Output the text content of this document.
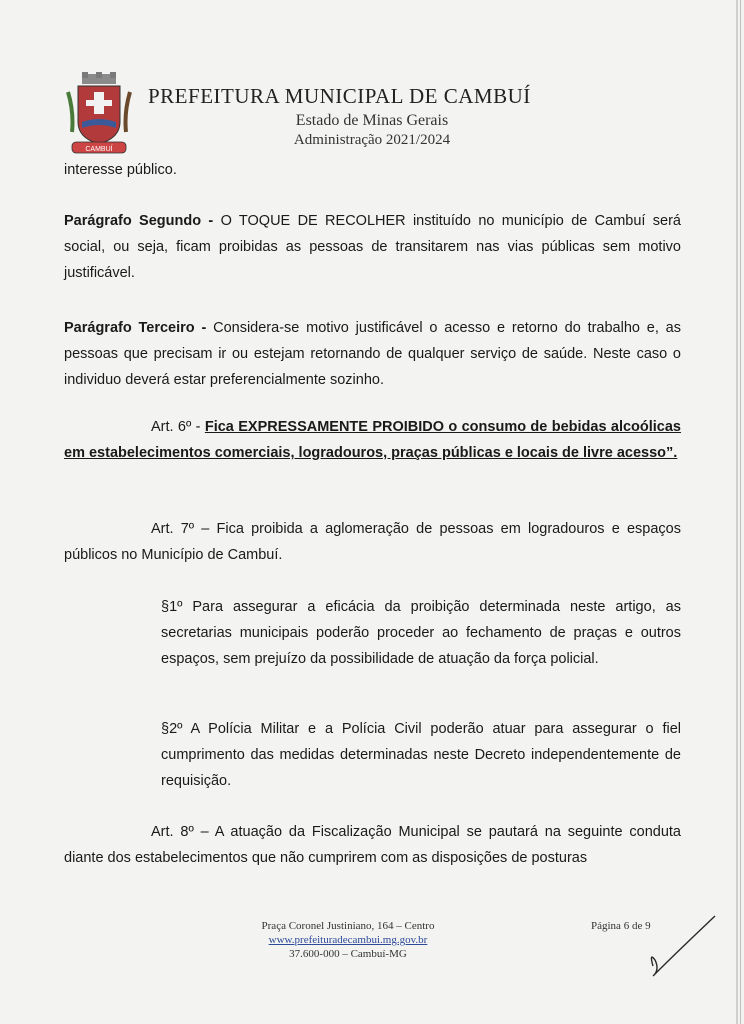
CAMBUÍ
PREFEITURA MUNICIPAL DE CAMBUÍ
Estado de Minas Gerais
Administração 2021/2024

interesse público.

Parágrafo Segundo - O TOQUE DE RECOLHER instituído no município de Cambuí será social, ou seja, ficam proibidas as pessoas de transitarem nas vias públicas sem motivo justificável.

Parágrafo Terceiro - Considera-se motivo justificável o acesso e retorno do trabalho e, as pessoas que precisam ir ou estejam retornando de qualquer serviço de saúde. Neste caso o individuo deverá estar preferencialmente sozinho.

Art. 6º - Fica EXPRESSAMENTE PROIBIDO o consumo de bebidas alcoólicas em estabelecimentos comerciais, logradouros, praças públicas e locais de livre acesso”.

Art. 7º – Fica proibida a aglomeração de pessoas em logradouros e espaços públicos no Município de Cambuí.

§1º Para assegurar a eficácia da proibição determinada neste artigo, as secretarias municipais poderão proceder ao fechamento de praças e outros espaços, sem prejuízo da possibilidade de atuação da força policial.

§2º A Polícia Militar e a Polícia Civil poderão atuar para assegurar o fiel cumprimento das medidas determinadas neste Decreto independentemente de requisição.

Art. 8º – A atuação da Fiscalização Municipal se pautará na seguinte conduta diante dos estabelecimentos que não cumprirem com as disposições de posturas

Praça Coronel Justiniano, 164 – Centro
www.prefeituradecambui.mg.gov.br
37.600-000 – Cambuí-MG
Página 6 de 9
